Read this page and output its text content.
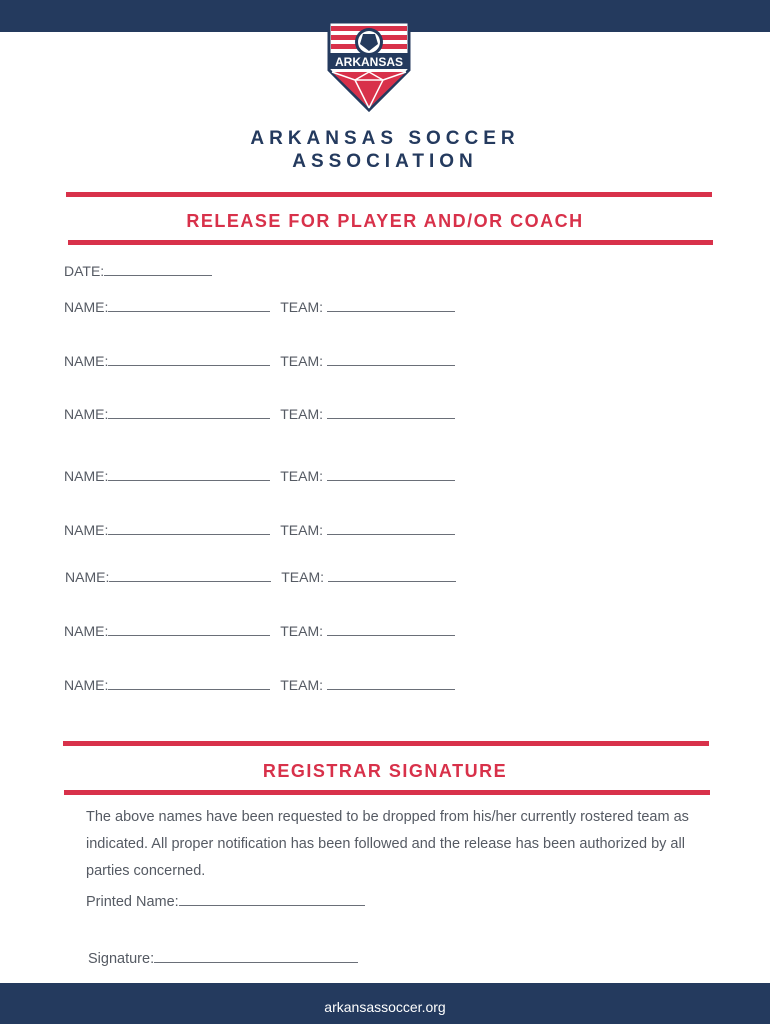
ARKANSAS
ARKANSAS SOCCER
ASSOCIATION
RELEASE FOR PLAYER AND/OR COACH
DATE:
NAME:	TEAM:
NAME:	TEAM:
NAME:	TEAM:
NAME:	TEAM:
NAME:	TEAM:
NAME:	TEAM:
NAME:	TEAM:
NAME:	TEAM:
REGISTRAR SIGNATURE
The above names have been requested to be dropped from his/her currently rostered team as indicated. All proper notification has been followed and the release has been authorized by all parties concerned.
Printed Name:
Signature:
arkansassoccer.org
